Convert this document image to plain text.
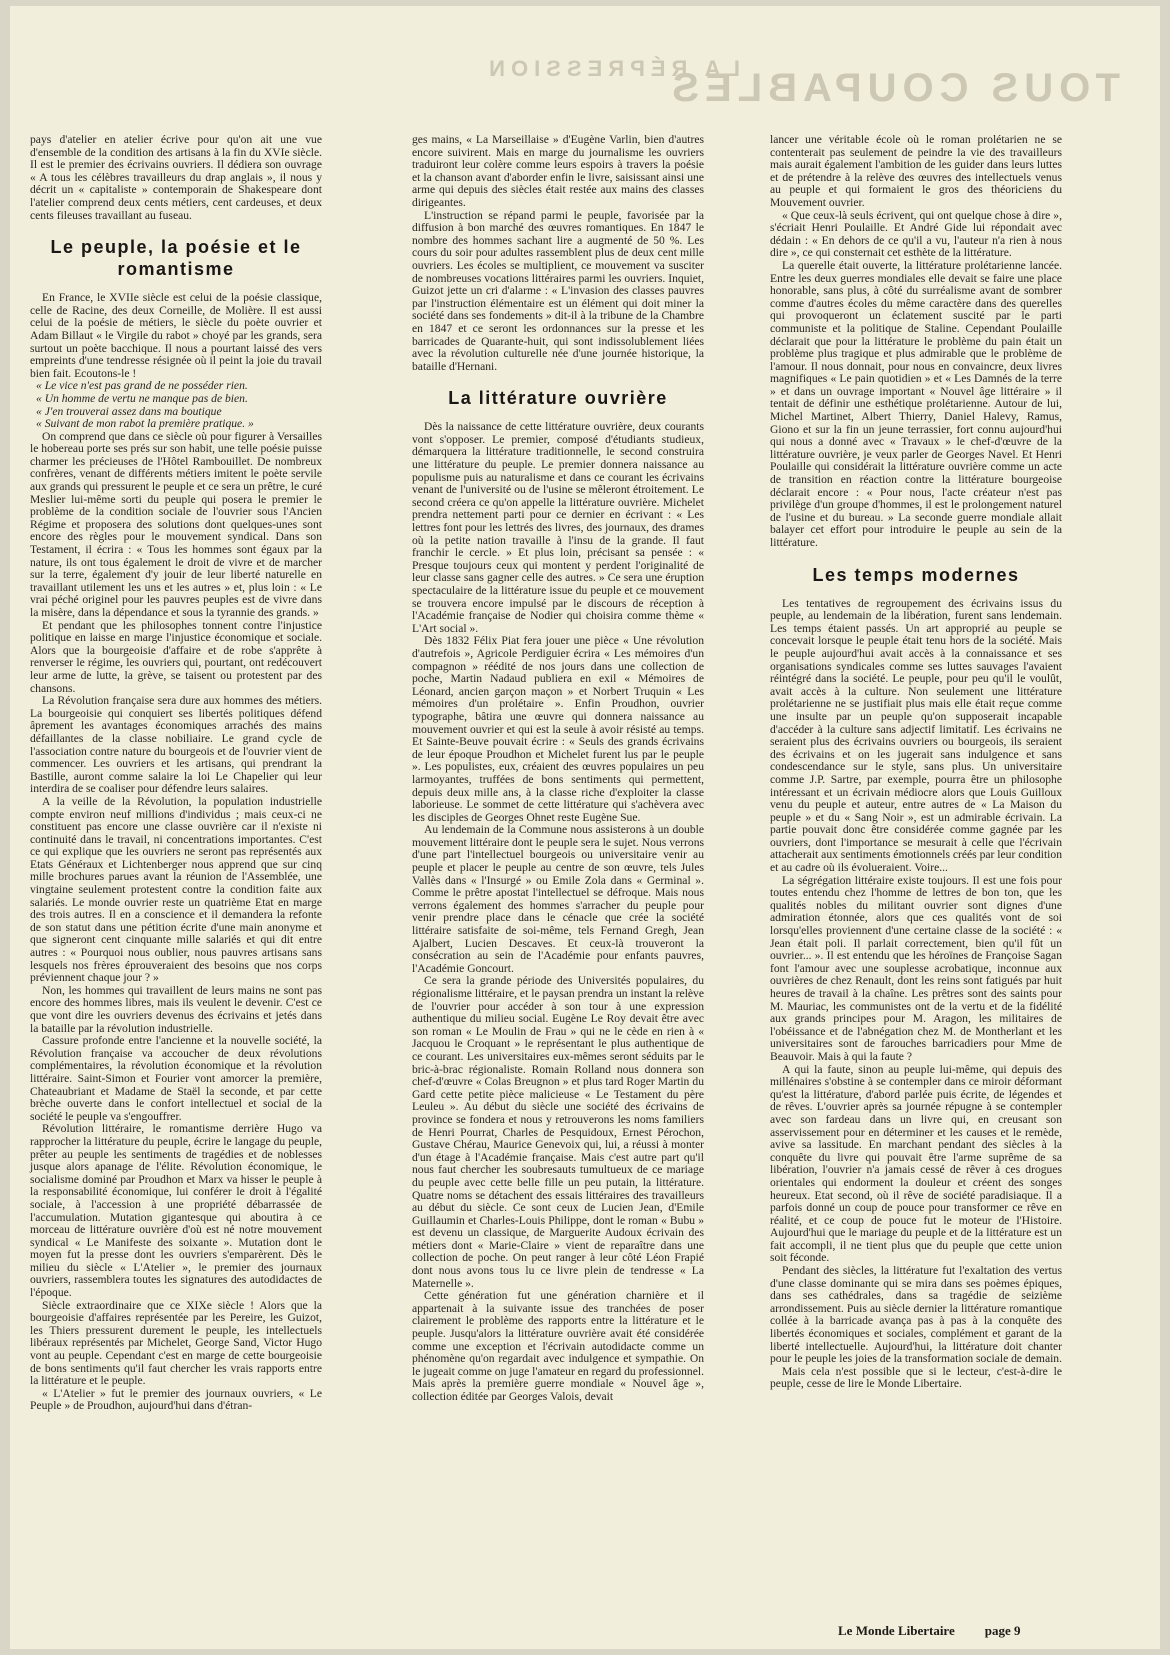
TOUS COUPABLES
LA RÉPRESSION

pays d'atelier en atelier écrive pour qu'on ait une vue d'ensemble de la condition des artisans à la fin du XVIe siècle. Il est le premier des écrivains ouvriers. Il dédiera son ouvrage « A tous les célèbres travailleurs du drap anglais », il nous y décrit un « capitaliste » contemporain de Shakespeare dont l'atelier comprend deux cents métiers, cent cardeuses, et deux cents fileuses travaillant au fuseau.

Le peuple, la poésie et le romantisme

En France, le XVIIe siècle est celui de la poésie classique, celle de Racine, des deux Corneille, de Molière. Il est aussi celui de la poésie de métiers, le siècle du poète ouvrier et Adam Billaut « le Virgile du rabot » choyé par les grands, sera surtout un poète bacchique. Il nous a pourtant laissé des vers empreints d'une tendresse résignée où il peint la joie du travail bien fait. Ecoutons-le !

« Le vice n'est pas grand de ne posséder rien.

« Un homme de vertu ne manque pas de bien.

« J'en trouverai assez dans ma boutique

« Suivant de mon rabot la première pratique. »

On comprend que dans ce siècle où pour figurer à Versailles le hobereau porte ses prés sur son habit, une telle poésie puisse charmer les précieuses de l'Hôtel Rambouillet. De nombreux confrères, venant de différents métiers imitent le poète servile aux grands qui pressurent le peuple et ce sera un prêtre, le curé Meslier lui-même sorti du peuple qui posera le premier le problème de la condition sociale de l'ouvrier sous l'Ancien Régime et proposera des solutions dont quelques-unes sont encore des règles pour le mouvement syndical. Dans son Testament, il écrira : « Tous les hommes sont égaux par la nature, ils ont tous également le droit de vivre et de marcher sur la terre, également d'y jouir de leur liberté naturelle en travaillant utilement les uns et les autres » et, plus loin : « Le vrai péché originel pour les pauvres peuples est de vivre dans la misère, dans la dépendance et sous la tyrannie des grands. »

Et pendant que les philosophes tonnent contre l'injustice politique en laisse en marge l'injustice économique et sociale. Alors que la bourgeoisie d'affaire et de robe s'apprête à renverser le régime, les ouvriers qui, pourtant, ont redécouvert leur arme de lutte, la grève, se taisent ou protestent par des chansons.

La Révolution française sera dure aux hommes des métiers. La bourgeoisie qui conquiert ses libertés politiques défend âprement les avantages économiques arrachés des mains défaillantes de la classe nobiliaire. Le grand cycle de l'association contre nature du bourgeois et de l'ouvrier vient de commencer. Les ouvriers et les artisans, qui prendrant la Bastille, auront comme salaire la loi Le Chapelier qui leur interdira de se coaliser pour défendre leurs salaires.

A la veille de la Révolution, la population industrielle compte environ neuf millions d'individus ; mais ceux-ci ne constituent pas encore une classe ouvrière car il n'existe ni continuité dans le travail, ni concentrations importantes. C'est ce qui explique que les ouvriers ne seront pas représentés aux Etats Généraux et Lichtenberger nous apprend que sur cinq mille brochures parues avant la réunion de l'Assemblée, une vingtaine seulement protestent contre la condition faite aux salariés. Le monde ouvrier reste un quatrième Etat en marge des trois autres. Il en a conscience et il demandera la refonte de son statut dans une pétition écrite d'une main anonyme et que signeront cent cinquante mille salariés et qui dit entre autres : « Pourquoi nous oublier, nous pauvres artisans sans lesquels nos frères éprouveraient des besoins que nos corps préviennent chaque jour ? »

Non, les hommes qui travaillent de leurs mains ne sont pas encore des hommes libres, mais ils veulent le devenir. C'est ce que vont dire les ouvriers devenus des écrivains et jetés dans la bataille par la révolution industrielle.

Cassure profonde entre l'ancienne et la nouvelle société, la Révolution française va accoucher de deux révolutions complémentaires, la révolution économique et la révolution littéraire. Saint-Simon et Fourier vont amorcer la première, Chateaubriant et Madame de Staël la seconde, et par cette brèche ouverte dans le confort intellectuel et social de la société le peuple va s'engouffrer.

Révolution littéraire, le romantisme derrière Hugo va rapprocher la littérature du peuple, écrire le langage du peuple, prêter au peuple les sentiments de tragédies et de noblesses jusque alors apanage de l'élite. Révolution économique, le socialisme dominé par Proudhon et Marx va hisser le peuple à la responsabilité économique, lui conférer le droit à l'égalité sociale, à l'accession à une propriété débarrassée de l'accumulation. Mutation gigantesque qui aboutira à ce morceau de littérature ouvrière d'où est né notre mouvement syndical « Le Manifeste des soixante ». Mutation dont le moyen fut la presse dont les ouvriers s'emparèrent. Dès le milieu du siècle « L'Atelier », le premier des journaux ouvriers, rassemblera toutes les signatures des autodidactes de l'époque.

Siècle extraordinaire que ce XIXe siècle ! Alors que la bourgeoisie d'affaires représentée par les Pereire, les Guizot, les Thiers pressurent durement le peuple, les intellectuels libéraux représentés par Michelet, George Sand, Victor Hugo vont au peuple. Cependant c'est en marge de cette bourgeoisie de bons sentiments qu'il faut chercher les vrais rapports entre la littérature et le peuple.

« L'Atelier » fut le premier des journaux ouvriers, « Le Peuple » de Proudhon, aujourd'hui dans d'étran-

ges mains, « La Marseillaise » d'Eugène Varlin, bien d'autres encore suivirent. Mais en marge du journalisme les ouvriers traduiront leur colère comme leurs espoirs à travers la poésie et la chanson avant d'aborder enfin le livre, saisissant ainsi une arme qui depuis des siècles était restée aux mains des classes dirigeantes.

L'instruction se répand parmi le peuple, favorisée par la diffusion à bon marché des œuvres romantiques. En 1847 le nombre des hommes sachant lire a augmenté de 50 %. Les cours du soir pour adultes rassemblent plus de deux cent mille ouvriers. Les écoles se multiplient, ce mouvement va susciter de nombreuses vocations littéraires parmi les ouvriers. Inquiet, Guizot jette un cri d'alarme : « L'invasion des classes pauvres par l'instruction élémentaire est un élément qui doit miner la société dans ses fondements » dit-il à la tribune de la Chambre en 1847 et ce seront les ordonnances sur la presse et les barricades de Quarante-huit, qui sont indissolublement liées avec la révolution culturelle née d'une journée historique, la bataille d'Hernani.

La littérature ouvrière

Dès la naissance de cette littérature ouvrière, deux courants vont s'opposer. Le premier, composé d'étudiants studieux, démarquera la littérature traditionnelle, le second construira une littérature du peuple. Le premier donnera naissance au populisme puis au naturalisme et dans ce courant les écrivains venant de l'université ou de l'usine se mêleront étroitement. Le second créera ce qu'on appelle la littérature ouvrière. Michelet prendra nettement parti pour ce dernier en écrivant : « Les lettres font pour les lettrés des livres, des journaux, des drames où la petite nation travaille à l'insu de la grande. Il faut franchir le cercle. » Et plus loin, précisant sa pensée : « Presque toujours ceux qui montent y perdent l'originalité de leur classe sans gagner celle des autres. » Ce sera une éruption spectaculaire de la littérature issue du peuple et ce mouvement se trouvera encore impulsé par le discours de réception à l'Académie française de Nodier qui choisira comme thème « L'Art social ».

Dès 1832 Félix Piat fera jouer une pièce « Une révolution d'autrefois », Agricole Perdiguier écrira « Les mémoires d'un compagnon » réédité de nos jours dans une collection de poche, Martin Nadaud publiera en exil « Mémoires de Léonard, ancien garçon maçon » et Norbert Truquin « Les mémoires d'un prolétaire ». Enfin Proudhon, ouvrier typographe, bâtira une œuvre qui donnera naissance au mouvement ouvrier et qui est la seule à avoir résisté au temps. Et Sainte-Beuve pouvait écrire : « Seuls des grands écrivains de leur époque Proudhon et Michelet furent lus par le peuple ». Les populistes, eux, créaient des œuvres populaires un peu larmoyantes, truffées de bons sentiments qui permettent, depuis deux mille ans, à la classe riche d'exploiter la classe laborieuse. Le sommet de cette littérature qui s'achèvera avec les disciples de Georges Ohnet reste Eugène Sue.

Au lendemain de la Commune nous assisterons à un double mouvement littéraire dont le peuple sera le sujet. Nous verrons d'une part l'intellectuel bourgeois ou universitaire venir au peuple et placer le peuple au centre de son œuvre, tels Jules Vallès dans « l'Insurgé » ou Emile Zola dans « Germinal ». Comme le prêtre apostat l'intellectuel se défroque. Mais nous verrons également des hommes s'arracher du peuple pour venir prendre place dans le cénacle que crée la société littéraire satisfaite de soi-même, tels Fernand Gregh, Jean Ajalbert, Lucien Descaves. Et ceux-là trouveront la consécration au sein de l'Académie pour enfants pauvres, l'Académie Goncourt.

Ce sera la grande période des Universités populaires, du régionalisme littéraire, et le paysan prendra un instant la relève de l'ouvrier pour accéder à son tour à une expression authentique du milieu social. Eugène Le Roy devait être avec son roman « Le Moulin de Frau » qui ne le cède en rien à « Jacquou le Croquant » le représentant le plus authentique de ce courant. Les universitaires eux-mêmes seront séduits par le bric-à-brac régionaliste. Romain Rolland nous donnera son chef-d'œuvre « Colas Breugnon » et plus tard Roger Martin du Gard cette petite pièce malicieuse « Le Testament du père Leuleu ». Au début du siècle une société des écrivains de province se fondera et nous y retrouverons les noms familiers de Henri Pourrat, Charles de Pesquidoux, Ernest Pérochon, Gustave Chérau, Maurice Genevoix qui, lui, a réussi à monter d'un étage à l'Académie française. Mais c'est autre part qu'il nous faut chercher les soubresauts tumultueux de ce mariage du peuple avec cette belle fille un peu putain, la littérature. Quatre noms se détachent des essais littéraires des travailleurs au début du siècle. Ce sont ceux de Lucien Jean, d'Emile Guillaumin et Charles-Louis Philippe, dont le roman « Bubu » est devenu un classique, de Marguerite Audoux écrivain des métiers dont « Marie-Claire » vient de reparaître dans une collection de poche. On peut ranger à leur côté Léon Frapié dont nous avons tous lu ce livre plein de tendresse « La Maternelle ».

Cette génération fut une génération charnière et il appartenait à la suivante issue des tranchées de poser clairement le problème des rapports entre la littérature et le peuple. Jusqu'alors la littérature ouvrière avait été considérée comme une exception et l'écrivain autodidacte comme un phénomène qu'on regardait avec indulgence et sympathie. On le jugeait comme on juge l'amateur en regard du professionnel. Mais après la première guerre mondiale « Nouvel âge », collection éditée par Georges Valois, devait

lancer une véritable école où le roman prolétarien ne se contenterait pas seulement de peindre la vie des travailleurs mais aurait également l'ambition de les guider dans leurs luttes et de prétendre à la relève des œuvres des intellectuels venus au peuple et qui formaient le gros des théoriciens du Mouvement ouvrier.

« Que ceux-là seuls écrivent, qui ont quelque chose à dire », s'écriait Henri Poulaille. Et André Gide lui répondait avec dédain : « En dehors de ce qu'il a vu, l'auteur n'a rien à nous dire », ce qui consternait cet esthète de la littérature.

La querelle était ouverte, la littérature prolétarienne lancée. Entre les deux guerres mondiales elle devait se faire une place honorable, sans plus, à côté du surréalisme avant de sombrer comme d'autres écoles du même caractère dans des querelles qui provoqueront un éclatement suscité par le parti communiste et la politique de Staline. Cependant Poulaille déclarait que pour la littérature le problème du pain était un problème plus tragique et plus admirable que le problème de l'amour. Il nous donnait, pour nous en convaincre, deux livres magnifiques « Le pain quotidien » et « Les Damnés de la terre » et dans un ouvrage important « Nouvel âge littéraire » il tentait de définir une esthétique prolétarienne. Autour de lui, Michel Martinet, Albert Thierry, Daniel Halevy, Ramus, Giono et sur la fin un jeune terrassier, fort connu aujourd'hui qui nous a donné avec « Travaux » le chef-d'œuvre de la littérature ouvrière, je veux parler de Georges Navel. Et Henri Poulaille qui considérait la littérature ouvrière comme un acte de transition en réaction contre la littérature bourgeoise déclarait encore : « Pour nous, l'acte créateur n'est pas privilège d'un groupe d'hommes, il est le prolongement naturel de l'usine et du bureau. » La seconde guerre mondiale allait balayer cet effort pour introduire le peuple au sein de la littérature.

Les temps modernes

Les tentatives de regroupement des écrivains issus du peuple, au lendemain de la libération, furent sans lendemain. Les temps étaient passés. Un art approprié au peuple se concevait lorsque le peuple était tenu hors de la société. Mais le peuple aujourd'hui avait accès à la connaissance et ses organisations syndicales comme ses luttes sauvages l'avaient réintégré dans la société. Le peuple, pour peu qu'il le voulût, avait accès à la culture. Non seulement une littérature prolétarienne ne se justifiait plus mais elle était reçue comme une insulte par un peuple qu'on supposerait incapable d'accéder à la culture sans adjectif limitatif. Les écrivains ne seraient plus des écrivains ouvriers ou bourgeois, ils seraient des écrivains et on les jugerait sans indulgence et sans condescendance sur le style, sans plus. Un universitaire comme J.P. Sartre, par exemple, pourra être un philosophe intéressant et un écrivain médiocre alors que Louis Guilloux venu du peuple et auteur, entre autres de « La Maison du peuple » et du « Sang Noir », est un admirable écrivain. La partie pouvait donc être considérée comme gagnée par les ouvriers, dont l'importance se mesurait à celle que l'écrivain attacherait aux sentiments émotionnels créés par leur condition et au cadre où ils évolueraient. Voire...

La ségrégation littéraire existe toujours. Il est une fois pour toutes entendu chez l'homme de lettres de bon ton, que les qualités nobles du militant ouvrier sont dignes d'une admiration étonnée, alors que ces qualités vont de soi lorsqu'elles proviennent d'une certaine classe de la société : « Jean était poli. Il parlait correctement, bien qu'il fût un ouvrier... ». Il est entendu que les héroïnes de Françoise Sagan font l'amour avec une souplesse acrobatique, inconnue aux ouvrières de chez Renault, dont les reins sont fatigués par huit heures de travail à la chaîne. Les prêtres sont des saints pour M. Mauriac, les communistes ont de la vertu et de la fidélité aux grands principes pour M. Aragon, les militaires de l'obéissance et de l'abnégation chez M. de Montherlant et les universitaires sont de farouches barricadiers pour Mme de Beauvoir. Mais à qui la faute ?

A qui la faute, sinon au peuple lui-même, qui depuis des millénaires s'obstine à se contempler dans ce miroir déformant qu'est la littérature, d'abord parlée puis écrite, de légendes et de rêves. L'ouvrier après sa journée répugne à se contempler avec son fardeau dans un livre qui, en creusant son asservissement pour en déterminer et les causes et le remède, avive sa lassitude. En marchant pendant des siècles à la conquête du livre qui pouvait être l'arme suprême de sa libération, l'ouvrier n'a jamais cessé de rêver à ces drogues orientales qui endorment la douleur et créent des songes heureux. Etat second, où il rêve de société paradisiaque. Il a parfois donné un coup de pouce pour transformer ce rêve en réalité, et ce coup de pouce fut le moteur de l'Histoire. Aujourd'hui que le mariage du peuple et de la littérature est un fait accompli, il ne tient plus que du peuple que cette union soit féconde.

Pendant des siècles, la littérature fut l'exaltation des vertus d'une classe dominante qui se mira dans ses poèmes épiques, dans ses cathédrales, dans sa tragédie de seizième arrondissement. Puis au siècle dernier la littérature romantique collée à la barricade avança pas à pas à la conquête des libertés économiques et sociales, complément et garant de la liberté intellectuelle. Aujourd'hui, la littérature doit chanter pour le peuple les joies de la transformation sociale de demain.

Mais cela n'est possible que si le lecteur, c'est-à-dire le peuple, cesse de lire le Monde Libertaire.

Le Monde Libertaire page 9
